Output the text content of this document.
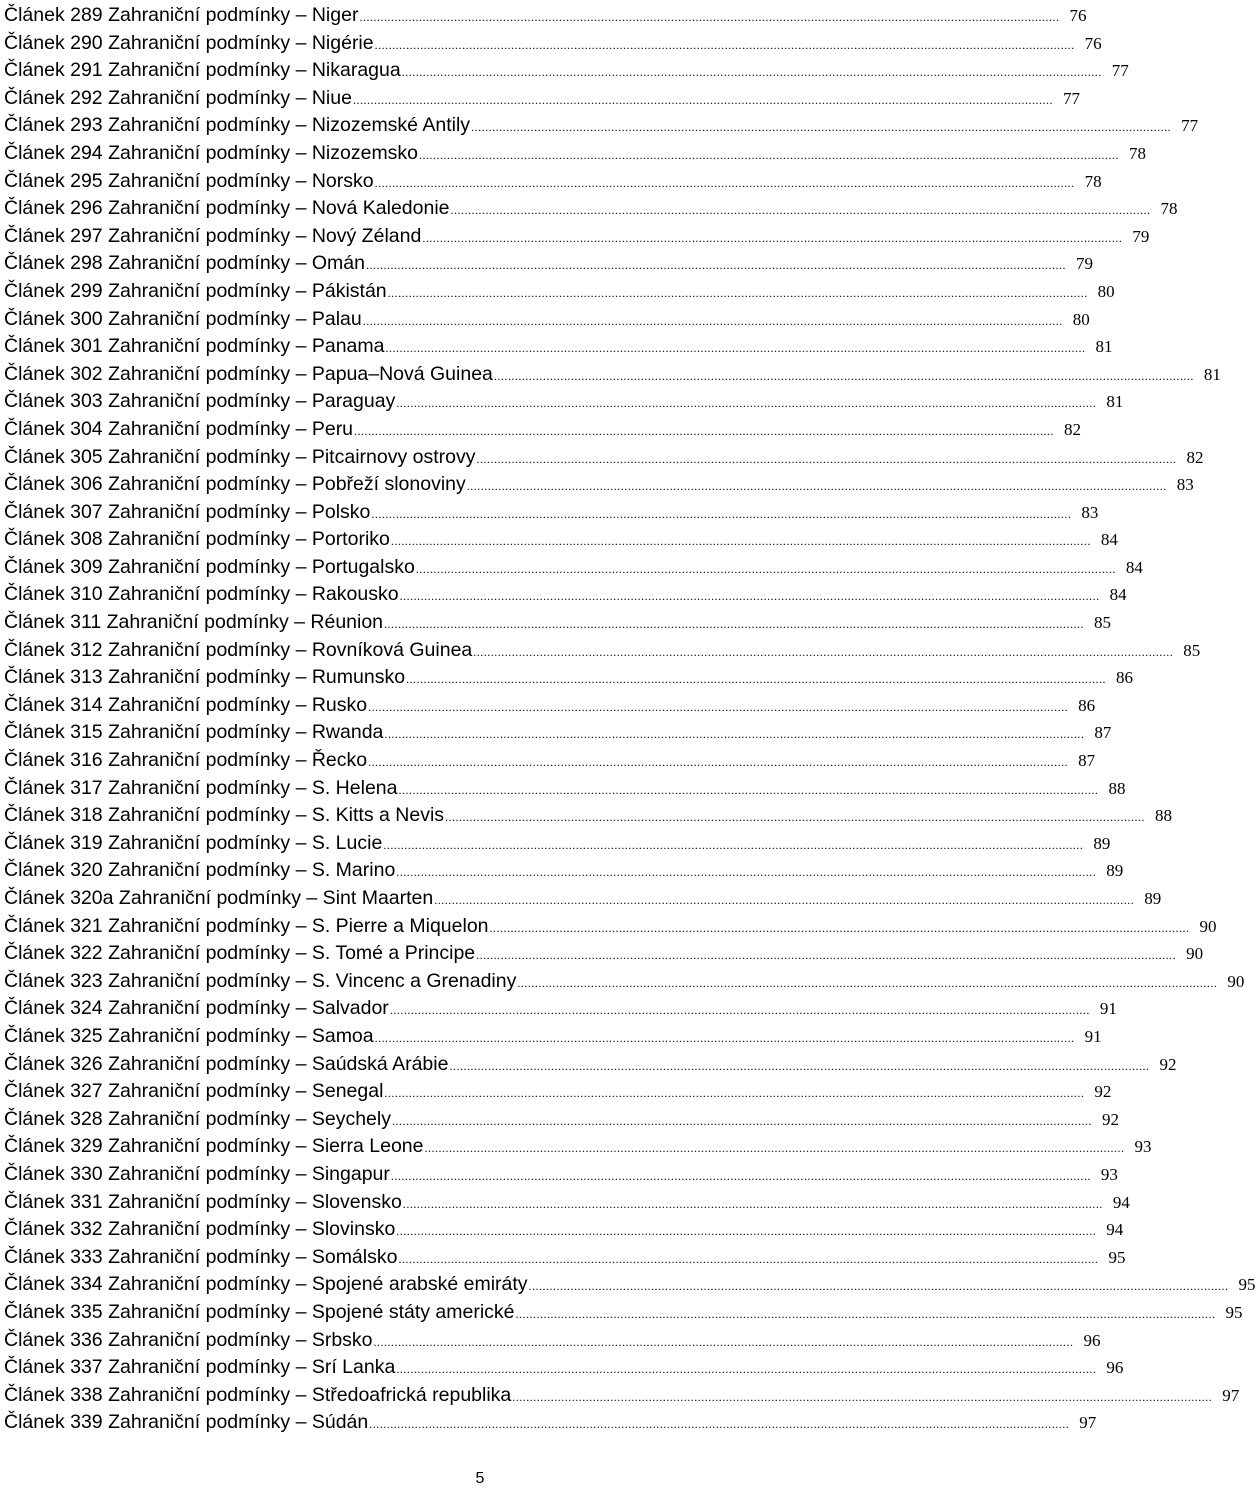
Článek 289 Zahraniční podmínky – Niger ........................................................................................................................................................................................................ 76
Článek 290 Zahraniční podmínky – Nigérie ........................................................................................................................................................................................................ 76
Článek 291 Zahraniční podmínky – Nikaragua ........................................................................................................................................................................................................ 77
Článek 292 Zahraniční podmínky – Niue ........................................................................................................................................................................................................ 77
Článek 293 Zahraniční podmínky – Nizozemské Antily ........................................................................................................................................................................................................ 77
Článek 294 Zahraniční podmínky – Nizozemsko ........................................................................................................................................................................................................ 78
Článek 295 Zahraniční podmínky – Norsko ........................................................................................................................................................................................................ 78
Článek 296 Zahraniční podmínky – Nová Kaledonie ........................................................................................................................................................................................................ 78
Článek 297 Zahraniční podmínky – Nový Zéland ........................................................................................................................................................................................................ 79
Článek 298 Zahraniční podmínky – Omán ........................................................................................................................................................................................................ 79
Článek 299 Zahraniční podmínky – Pákistán ........................................................................................................................................................................................................ 80
Článek 300 Zahraniční podmínky – Palau ........................................................................................................................................................................................................ 80
Článek 301 Zahraniční podmínky – Panama ........................................................................................................................................................................................................ 81
Článek 302 Zahraniční podmínky – Papua–Nová Guinea ........................................................................................................................................................................................................ 81
Článek 303 Zahraniční podmínky – Paraguay ........................................................................................................................................................................................................ 81
Článek 304 Zahraniční podmínky – Peru ........................................................................................................................................................................................................ 82
Článek 305 Zahraniční podmínky – Pitcairnovy ostrovy ........................................................................................................................................................................................................ 82
Článek 306 Zahraniční podmínky – Pobřeží slonoviny ........................................................................................................................................................................................................ 83
Článek 307 Zahraniční podmínky – Polsko ........................................................................................................................................................................................................ 83
Článek 308 Zahraniční podmínky – Portoriko ........................................................................................................................................................................................................ 84
Článek 309 Zahraniční podmínky – Portugalsko ........................................................................................................................................................................................................ 84
Článek 310 Zahraniční podmínky – Rakousko ........................................................................................................................................................................................................ 84
Článek 311 Zahraniční podmínky – Réunion ........................................................................................................................................................................................................ 85
Článek 312 Zahraniční podmínky – Rovníková Guinea ........................................................................................................................................................................................................ 85
Článek 313 Zahraniční podmínky – Rumunsko ........................................................................................................................................................................................................ 86
Článek 314 Zahraniční podmínky – Rusko ........................................................................................................................................................................................................ 86
Článek 315 Zahraniční podmínky – Rwanda ........................................................................................................................................................................................................ 87
Článek 316 Zahraniční podmínky – Řecko ........................................................................................................................................................................................................ 87
Článek 317 Zahraniční podmínky – S. Helena ........................................................................................................................................................................................................ 88
Článek 318 Zahraniční podmínky – S. Kitts a Nevis ........................................................................................................................................................................................................ 88
Článek 319 Zahraniční podmínky – S. Lucie ........................................................................................................................................................................................................ 89
Článek 320 Zahraniční podmínky – S. Marino ........................................................................................................................................................................................................ 89
Článek 320a Zahraniční podmínky – Sint Maarten ........................................................................................................................................................................................................ 89
Článek 321 Zahraniční podmínky – S. Pierre a Miquelon ........................................................................................................................................................................................................ 90
Článek 322 Zahraniční podmínky – S. Tomé a Principe ........................................................................................................................................................................................................ 90
Článek 323 Zahraniční podmínky – S. Vincenc a Grenadiny ........................................................................................................................................................................................................ 90
Článek 324 Zahraniční podmínky – Salvador ........................................................................................................................................................................................................ 91
Článek 325 Zahraniční podmínky – Samoa ........................................................................................................................................................................................................ 91
Článek 326 Zahraniční podmínky – Saúdská Arábie ........................................................................................................................................................................................................ 92
Článek 327 Zahraniční podmínky – Senegal ........................................................................................................................................................................................................ 92
Článek 328 Zahraniční podmínky – Seychely ........................................................................................................................................................................................................ 92
Článek 329 Zahraniční podmínky – Sierra Leone ........................................................................................................................................................................................................ 93
Článek 330 Zahraniční podmínky – Singapur ........................................................................................................................................................................................................ 93
Článek 331 Zahraniční podmínky – Slovensko ........................................................................................................................................................................................................ 94
Článek 332 Zahraniční podmínky – Slovinsko ........................................................................................................................................................................................................ 94
Článek 333 Zahraniční podmínky – Somálsko ........................................................................................................................................................................................................ 95
Článek 334 Zahraniční podmínky – Spojené arabské emiráty ........................................................................................................................................................................................................ 95
Článek 335 Zahraniční podmínky – Spojené státy americké ........................................................................................................................................................................................................ 95
Článek 336 Zahraniční podmínky – Srbsko ........................................................................................................................................................................................................ 96
Článek 337 Zahraniční podmínky – Srí Lanka ........................................................................................................................................................................................................ 96
Článek 338 Zahraniční podmínky – Středoafrická republika ........................................................................................................................................................................................................ 97
Článek 339 Zahraniční podmínky – Súdán ........................................................................................................................................................................................................ 97
5
